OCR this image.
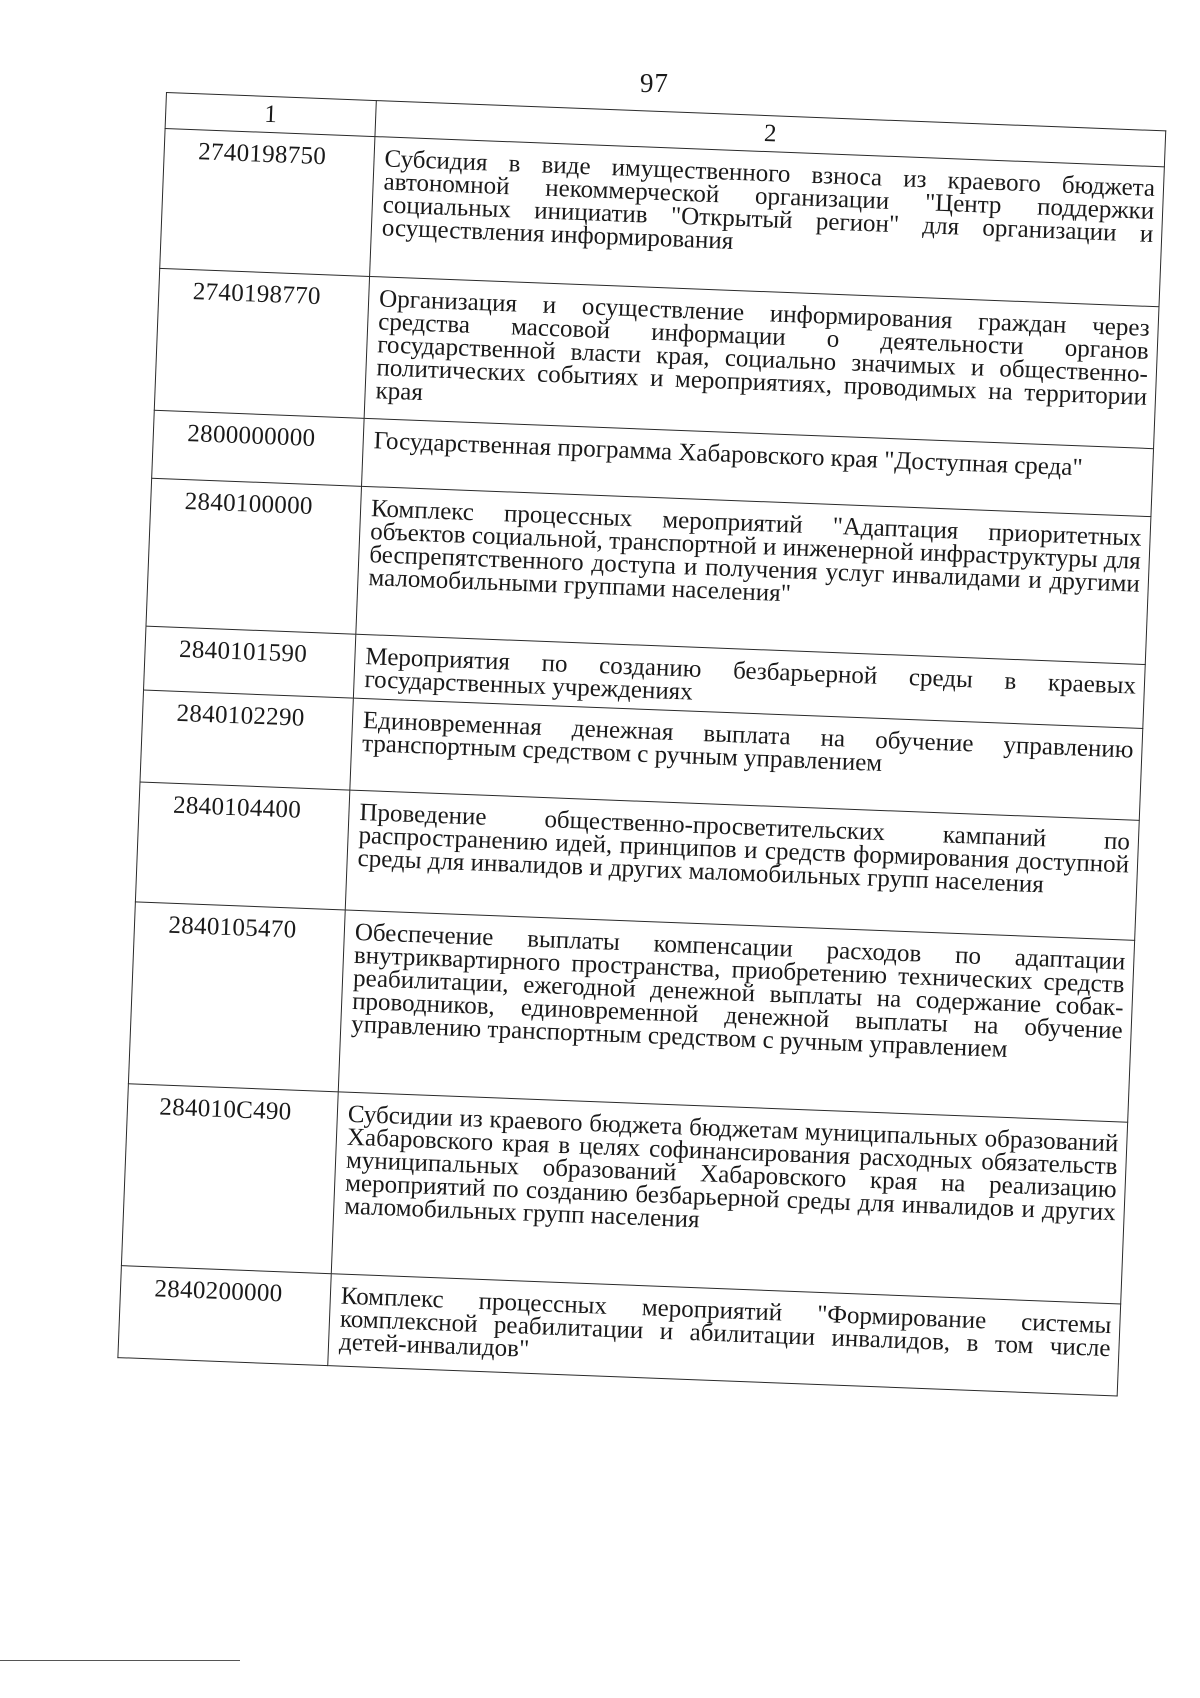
97
1	2
2740198750	Субсидия в виде имущественного взноса из краевого бюджета автономной некоммерческой организации "Центр поддержки социальных инициатив "Открытый регион" для организации и осуществления информирования
2740198770	Организация и осуществление информирования граждан через средства массовой информации о деятельности органов государственной власти края, социально значимых и общественно-политических событиях и мероприятиях, проводимых на территории края
2800000000	Государственная программа Хабаровского края "Доступная среда"
2840100000	Комплекс процессных мероприятий "Адаптация приоритетных объектов социальной, транспортной и инженерной инфраструктуры для беспрепятственного доступа и получения услуг инвалидами и другими маломобильными группами населения"
2840101590	Мероприятия по созданию безбарьерной среды в краевых государственных учреждениях
2840102290	Единовременная денежная выплата на обучение управлению транспортным средством с ручным управлением
2840104400	Проведение общественно-просветительских кампаний по распространению идей, принципов и средств формирования доступной среды для инвалидов и других маломобильных групп населения
2840105470	Обеспечение выплаты компенсации расходов по адаптации внутриквартирного пространства, приобретению технических средств реабилитации, ежегодной денежной выплаты на содержание собак-проводников, единовременной денежной выплаты на обучение управлению транспортным средством с ручным управлением
284010С490	Субсидии из краевого бюджета бюджетам муниципальных образований Хабаровского края в целях софинансирования расходных обязательств муниципальных образований Хабаровского края на реализацию мероприятий по созданию безбарьерной среды для инвалидов и других маломобильных групп населения
2840200000	Комплекс процессных мероприятий "Формирование системы комплексной реабилитации и абилитации инвалидов, в том числе детей-инвалидов"
